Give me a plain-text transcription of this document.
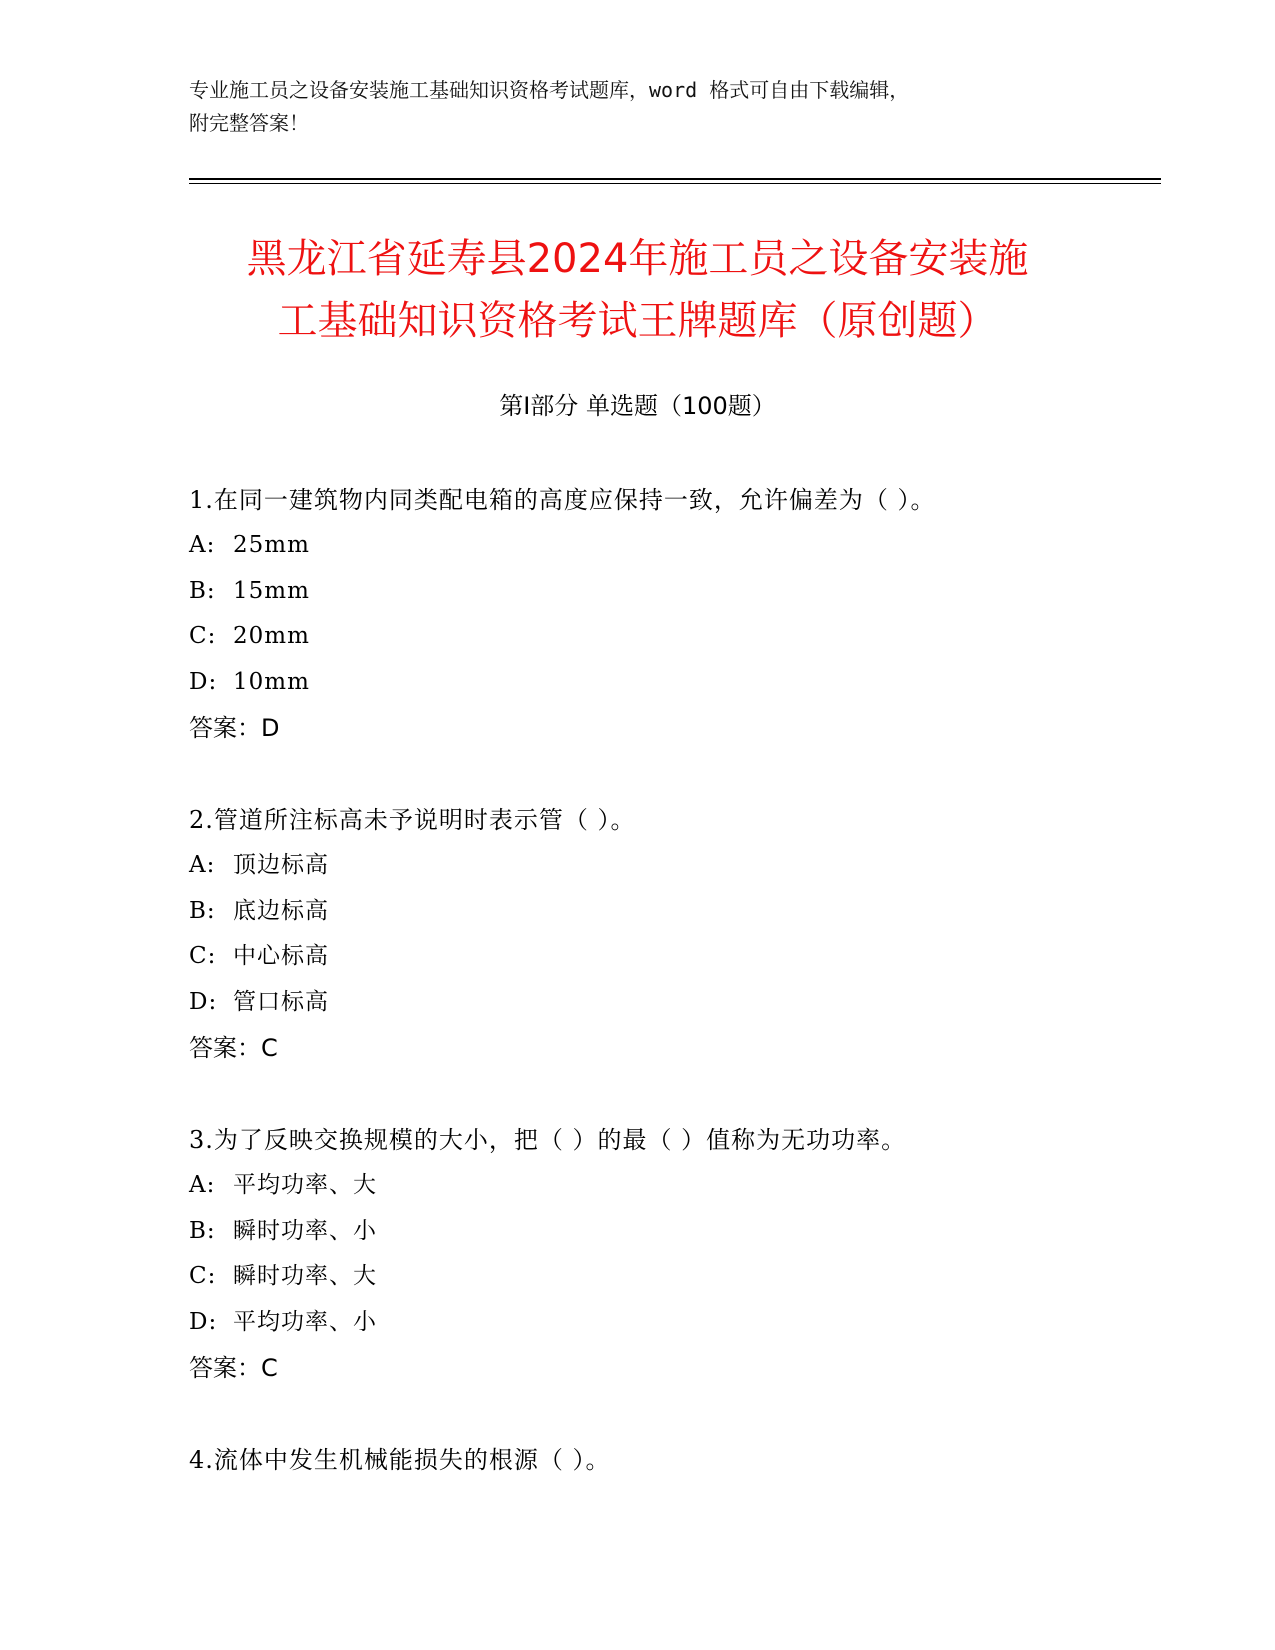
专业施工员之设备安装施工基础知识资格考试题库，word 格式可自由下载编辑，
附完整答案！
黑龙江省延寿县2024年施工员之设备安装施
工基础知识资格考试王牌题库（原创题）
第Ⅰ部分 单选题（100题）
1.在同一建筑物内同类配电箱的高度应保持一致，允许偏差为（ ）。
A: 25mm
B: 15mm
C: 20mm
D: 10mm
答案：D
2.管道所注标高未予说明时表示管（ ）。
A: 顶边标高
B: 底边标高
C: 中心标高
D: 管口标高
答案：C
3.为了反映交换规模的大小，把（ ）的最（ ）值称为无功功率。
A: 平均功率、大
B: 瞬时功率、小
C: 瞬时功率、大
D: 平均功率、小
答案：C
4.流体中发生机械能损失的根源（ ）。
